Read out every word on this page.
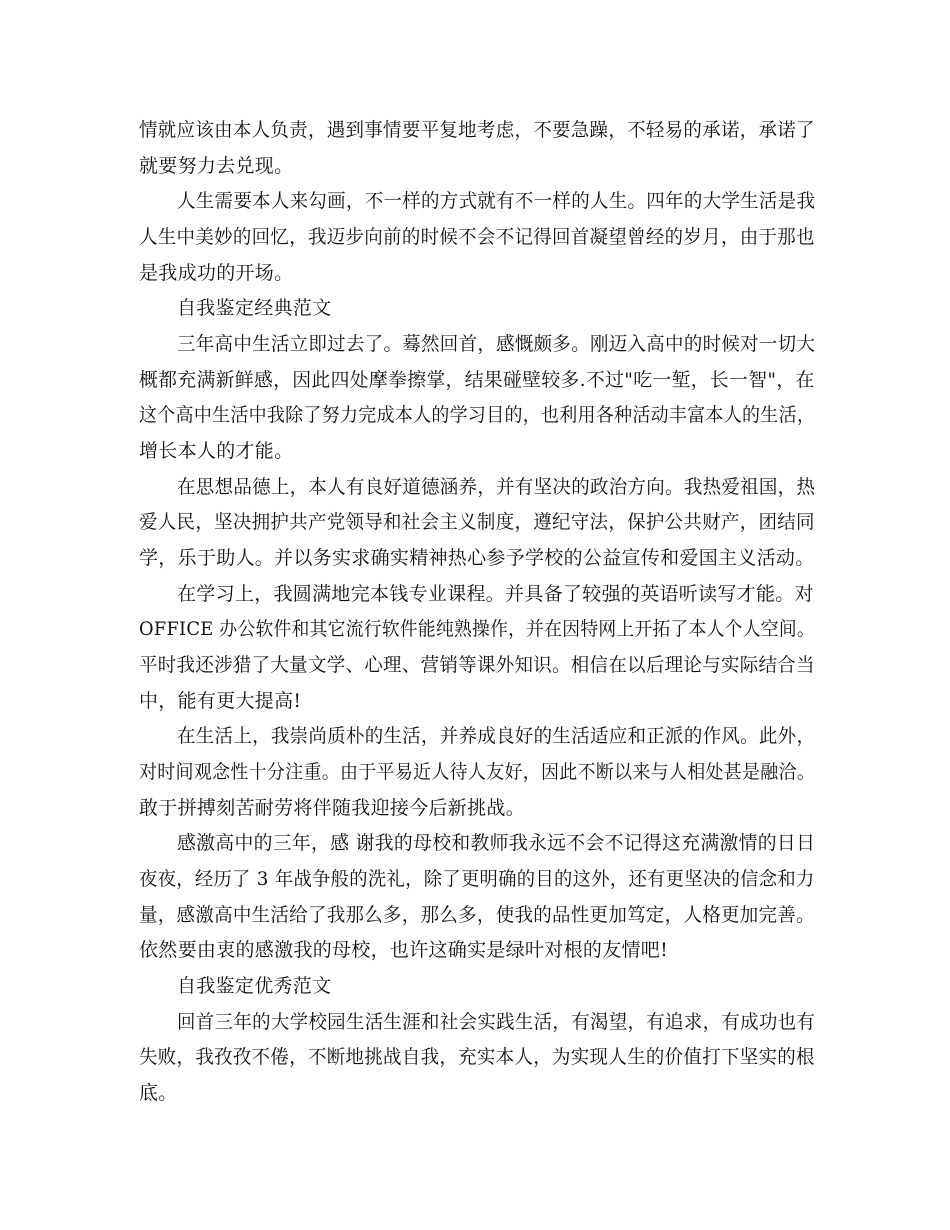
情就应该由本人负责，遇到事情要平复地考虑，不要急躁，不轻易的承诺，承诺了
就要努力去兑现。
人生需要本人来勾画，不一样的方式就有不一样的人生。四年的大学生活是我
人生中美妙的回忆，我迈步向前的时候不会不记得回首凝望曾经的岁月，由于那也
是我成功的开场。
自我鉴定经典范文
三年高中生活立即过去了。蓦然回首，感慨颇多。刚迈入高中的时候对一切大
概都充满新鲜感，因此四处摩拳擦掌，结果碰壁较多.不过"吃一堑，长一智"，在
这个高中生活中我除了努力完成本人的学习目的，也利用各种活动丰富本人的生活，
增长本人的才能。
在思想品德上，本人有良好道德涵养，并有坚决的政治方向。我热爱祖国，热
爱人民，坚决拥护共产党领导和社会主义制度，遵纪守法，保护公共财产，团结同
学，乐于助人。并以务实求确实精神热心参予学校的公益宣传和爱国主义活动。
在学习上，我圆满地完本钱专业课程。并具备了较强的英语听读写才能。对
OFFICE 办公软件和其它流行软件能纯熟操作，并在因特网上开拓了本人个人空间。
平时我还涉猎了大量文学、心理、营销等课外知识。相信在以后理论与实际结合当
中，能有更大提高!
在生活上，我崇尚质朴的生活，并养成良好的生活适应和正派的作风。此外，
对时间观念性十分注重。由于平易近人待人友好，因此不断以来与人相处甚是融洽。
敢于拼搏刻苦耐劳将伴随我迎接今后新挑战。
感激高中的三年，感 谢我的母校和教师我永远不会不记得这充满激情的日日
夜夜，经历了 3 年战争般的洗礼，除了更明确的目的这外，还有更坚决的信念和力
量，感激高中生活给了我那么多，那么多，使我的品性更加笃定，人格更加完善。
依然要由衷的感激我的母校，也许这确实是绿叶对根的友情吧!
自我鉴定优秀范文
回首三年的大学校园生活生涯和社会实践生活，有渴望，有追求，有成功也有
失败，我孜孜不倦，不断地挑战自我，充实本人，为实现人生的价值打下坚实的根
底。
